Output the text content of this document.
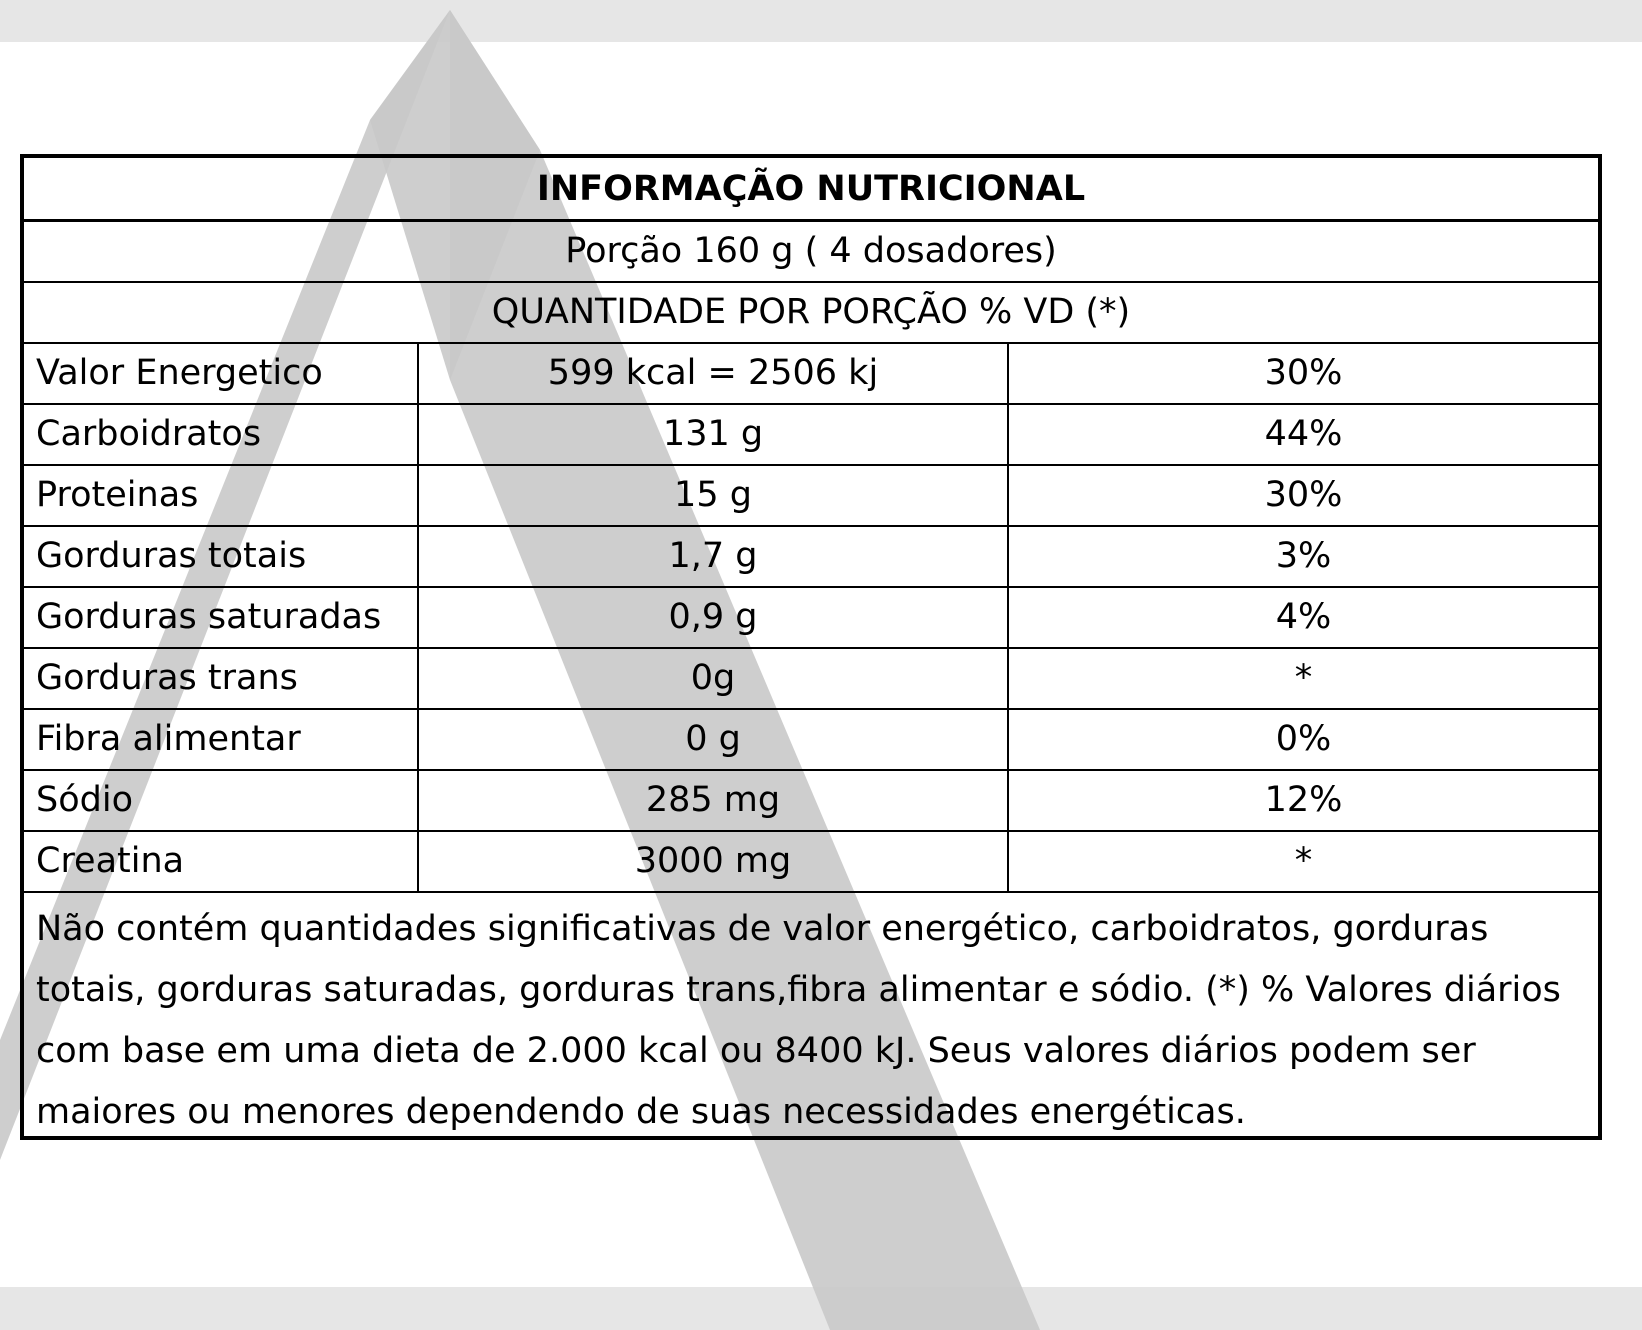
INFORMAÇÃO NUTRICIONAL
Porção 160 g ( 4 dosadores)
QUANTIDADE POR PORÇÃO % VD (*)
Valor Energetico	599 kcal = 2506 kj	30%
Carboidratos	131 g	44%
Proteinas	15 g	30%
Gorduras totais	1,7 g	3%
Gorduras saturadas	0,9 g	4%
Gorduras trans	0g	*
Fibra alimentar	0 g	0%
Sódio	285 mg	12%
Creatina	3000 mg	*
Não contém quantidades significativas de valor energético, carboidratos, gorduras totais, gorduras saturadas, gorduras trans,fibra alimentar e sódio. (*) % Valores diários com base em uma dieta de 2.000 kcal ou 8400 kJ. Seus valores diários podem ser maiores ou menores dependendo de suas necessidades energéticas.
